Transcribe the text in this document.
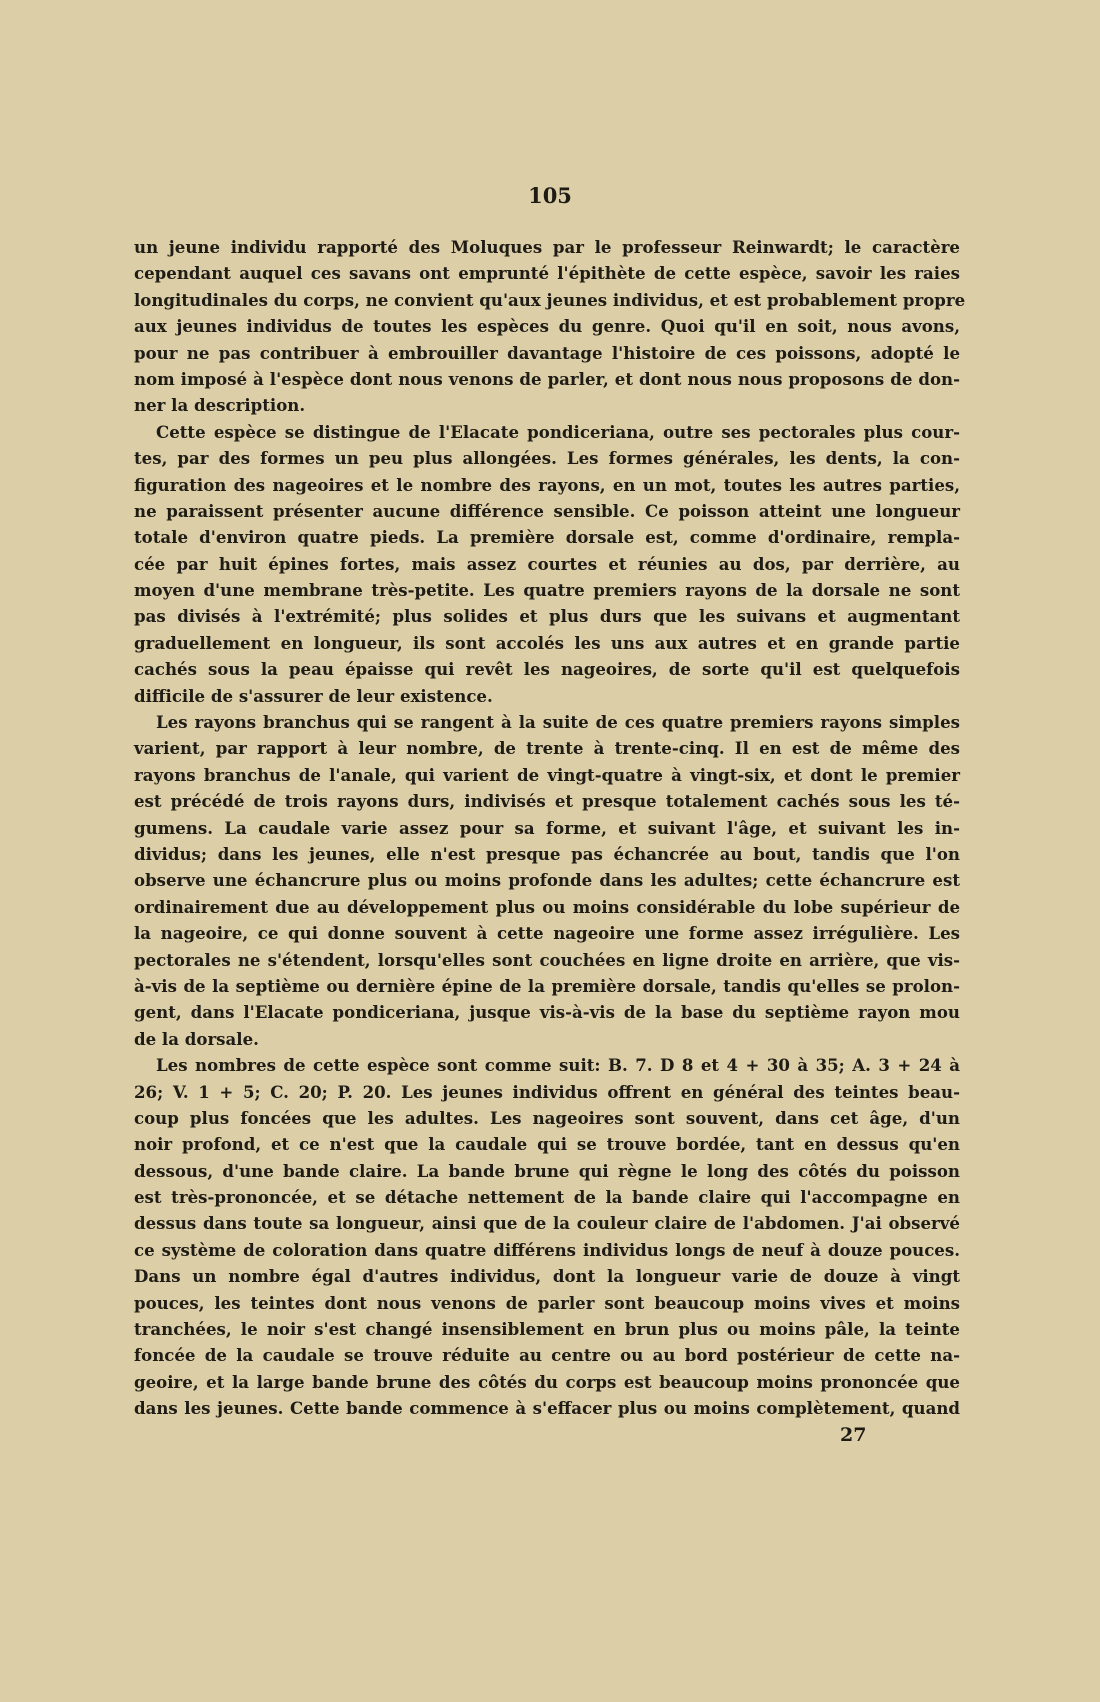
105
un jeune individu rapporté des Moluques par le professeur Reinwardt; le caractère
cependant auquel ces savans ont emprunté l'épithète de cette espèce, savoir les raies
longitudinales du corps, ne convient qu'aux jeunes individus, et est probablement propre
aux jeunes individus de toutes les espèces du genre. Quoi qu'il en soit, nous avons,
pour ne pas contribuer à embrouiller davantage l'histoire de ces poissons, adopté le
nom imposé à l'espèce dont nous venons de parler, et dont nous nous proposons de don-
ner la description.
Cette espèce se distingue de l'Elacate pondiceriana, outre ses pectorales plus cour-
tes, par des formes un peu plus allongées. Les formes générales, les dents, la con-
figuration des nageoires et le nombre des rayons, en un mot, toutes les autres parties,
ne paraissent présenter aucune différence sensible. Ce poisson atteint une longueur
totale d'environ quatre pieds. La première dorsale est, comme d'ordinaire, rempla-
cée par huit épines fortes, mais assez courtes et réunies au dos, par derrière, au
moyen d'une membrane très-petite. Les quatre premiers rayons de la dorsale ne sont
pas divisés à l'extrémité; plus solides et plus durs que les suivans et augmentant
graduellement en longueur, ils sont accolés les uns aux autres et en grande partie
cachés sous la peau épaisse qui revêt les nageoires, de sorte qu'il est quelquefois
difficile de s'assurer de leur existence.
Les rayons branchus qui se rangent à la suite de ces quatre premiers rayons simples
varient, par rapport à leur nombre, de trente à trente-cinq. Il en est de même des
rayons branchus de l'anale, qui varient de vingt-quatre à vingt-six, et dont le premier
est précédé de trois rayons durs, indivisés et presque totalement cachés sous les té-
gumens. La caudale varie assez pour sa forme, et suivant l'âge, et suivant les in-
dividus; dans les jeunes, elle n'est presque pas échancrée au bout, tandis que l'on
observe une échancrure plus ou moins profonde dans les adultes; cette échancrure est
ordinairement due au développement plus ou moins considérable du lobe supérieur de
la nageoire, ce qui donne souvent à cette nageoire une forme assez irrégulière. Les
pectorales ne s'étendent, lorsqu'elles sont couchées en ligne droite en arrière, que vis-
à-vis de la septième ou dernière épine de la première dorsale, tandis qu'elles se prolon-
gent, dans l'Elacate pondiceriana, jusque vis-à-vis de la base du septième rayon mou
de la dorsale.
Les nombres de cette espèce sont comme suit: B. 7. D 8 et 4 + 30 à 35; A. 3 + 24 à
26; V. 1 + 5; C. 20; P. 20. Les jeunes individus offrent en général des teintes beau-
coup plus foncées que les adultes. Les nageoires sont souvent, dans cet âge, d'un
noir profond, et ce n'est que la caudale qui se trouve bordée, tant en dessus qu'en
dessous, d'une bande claire. La bande brune qui règne le long des côtés du poisson
est très-prononcée, et se détache nettement de la bande claire qui l'accompagne en
dessus dans toute sa longueur, ainsi que de la couleur claire de l'abdomen. J'ai observé
ce système de coloration dans quatre différens individus longs de neuf à douze pouces.
Dans un nombre égal d'autres individus, dont la longueur varie de douze à vingt
pouces, les teintes dont nous venons de parler sont beaucoup moins vives et moins
tranchées, le noir s'est changé insensiblement en brun plus ou moins pâle, la teinte
foncée de la caudale se trouve réduite au centre ou au bord postérieur de cette na-
geoire, et la large bande brune des côtés du corps est beaucoup moins prononcée que
dans les jeunes. Cette bande commence à s'effacer plus ou moins complètement, quand
27
